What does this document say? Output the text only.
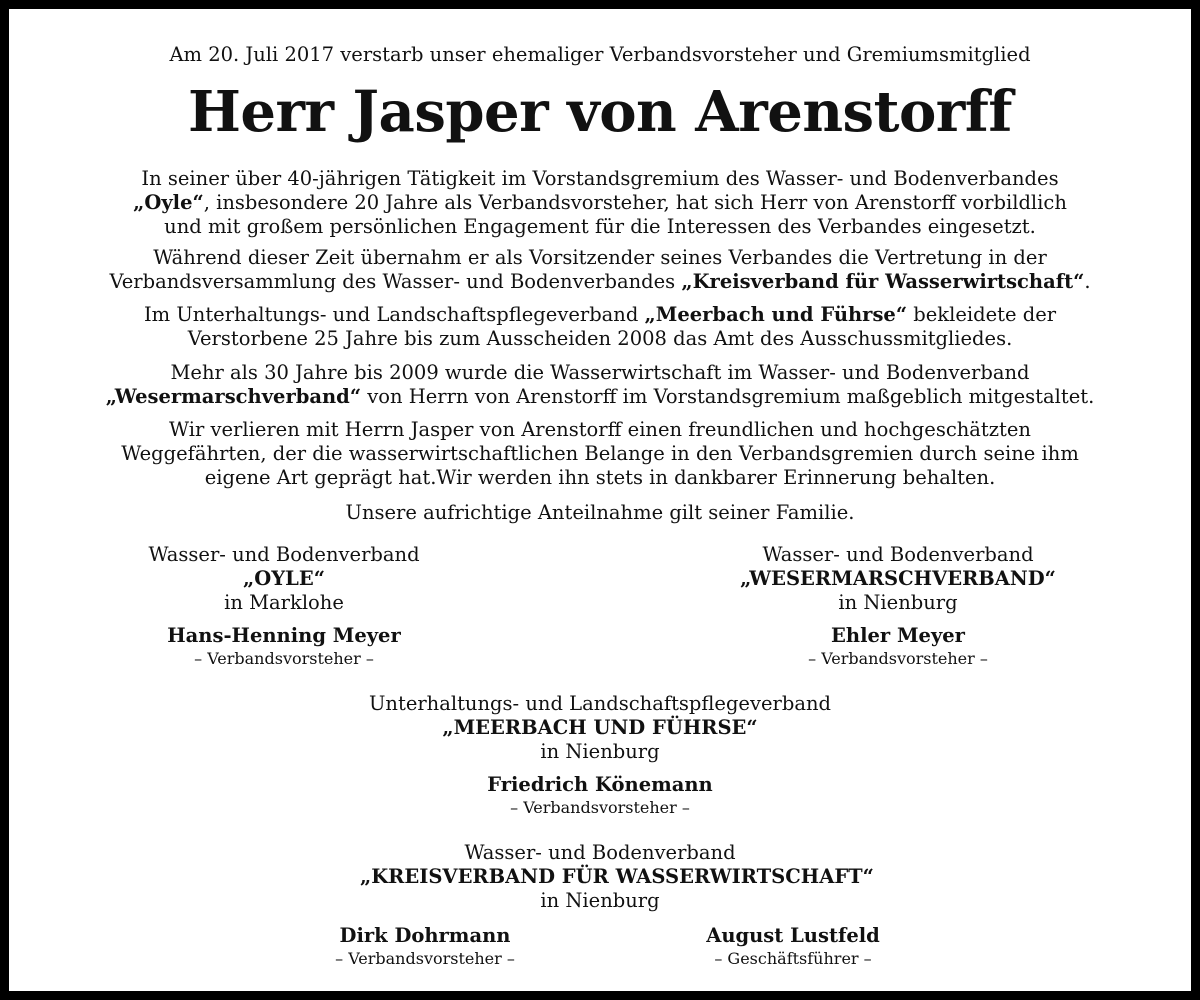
Am 20. Juli 2017 verstarb unser ehemaliger Verbandsvorsteher und Gremiumsmitglied
Herr Jasper von Arenstorff
In seiner über 40-jährigen Tätigkeit im Vorstandsgremium des Wasser- und Bodenverbandes
„Oyle“, insbesondere 20 Jahre als Verbandsvorsteher, hat sich Herr von Arenstorff vorbildlich
und mit großem persönlichen Engagement für die Interessen des Verbandes eingesetzt.
Während dieser Zeit übernahm er als Vorsitzender seines Verbandes die Vertretung in der
Verbandsversammlung des Wasser- und Bodenverbandes „Kreisverband für Wasserwirtschaft“.
Im Unterhaltungs- und Landschaftspflegeverband „Meerbach und Führse“ bekleidete der
Verstorbene 25 Jahre bis zum Ausscheiden 2008 das Amt des Ausschussmitgliedes.
Mehr als 30 Jahre bis 2009 wurde die Wasserwirtschaft im Wasser- und Bodenverband
„Wesermarschverband“ von Herrn von Arenstorff im Vorstandsgremium maßgeblich mitgestaltet.
Wir verlieren mit Herrn Jasper von Arenstorff einen freundlichen und hochgeschätzten
Weggefährten, der die wasserwirtschaftlichen Belange in den Verbandsgremien durch seine ihm
eigene Art geprägt hat.Wir werden ihn stets in dankbarer Erinnerung behalten.
Unsere aufrichtige Anteilnahme gilt seiner Familie.
Wasser- und Bodenverband
„OYLE“
in Marklohe
Hans-Henning Meyer
– Verbandsvorsteher –
Wasser- und Bodenverband
„WESERMARSCHVERBAND“
in Nienburg
Ehler Meyer
– Verbandsvorsteher –
Unterhaltungs- und Landschaftspflegeverband
„MEERBACH UND FÜHRSE“
in Nienburg
Friedrich Könemann
– Verbandsvorsteher –
Wasser- und Bodenverband
„KREISVERBAND FÜR WASSERWIRTSCHAFT“
in Nienburg
Dirk Dohrmann
– Verbandsvorsteher –
August Lustfeld
– Geschäftsführer –
